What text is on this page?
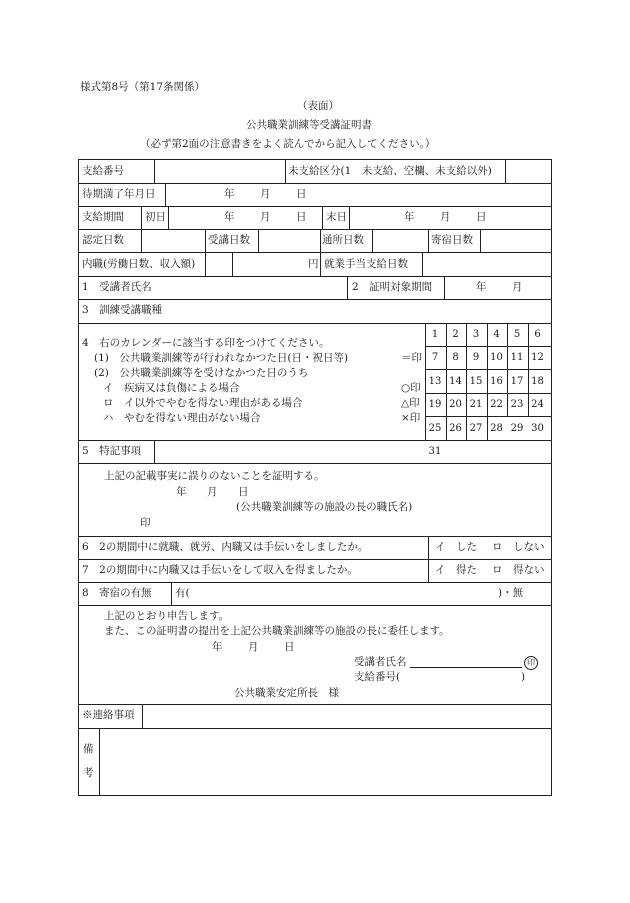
様式第8号（第17条関係）
（表面）
公共職業訓練等受講証明書
（必ず第2面の注意書きをよく読んでから記入してください。）
支給番号	未支給区分(1　未支給、空欄、未支給以外)
待期満了年月日	年 月 日
支給期間 初日	年 月 日 末日	年 月 日
認定日数	受講日数	通所日数	寄宿日数
内職(労働日数、収入額)	円 就業手当支給日数
1　受講者氏名	2　証明対象期間	年 月
3　訓練受講職種
4　右のカレンダーに該当する印をつけてください。
(1)　公共職業訓練等が行われなかつた日(日・祝日等)	＝印
(2)　公共職業訓練等を受けなかつた日のうち
イ　疾病又は負傷による場合	○印
ロ　イ以外でやむを得ない理由がある場合	△印
ハ　やむを得ない理由がない場合	×印
1	2	3	4	5	6
7	8	9	10 11 12
13 14 15 16 17 18
19 20 21 22 23 24
25 26 27 28 29 30
31
5　特記事項
上記の記載事実に誤りのないことを証明する。
年 月 日
(公共職業訓練等の施設の長の職氏名)
印
6　2の期間中に就職、就労、内職又は手伝いをしましたか。	イ　した ロ　しない
7　2の期間中に内職又は手伝いをして収入を得ましたか。	イ　得た ロ　得ない
8　寄宿の有無 有(	)・無
上記のとおり申告します。
また、この証明書の提出を上記公共職業訓練等の施設の長に委任します。
年 月 日
受講者氏名	印
支給番号(	)
公共職業安定所長　様
※連絡事項
備
考
